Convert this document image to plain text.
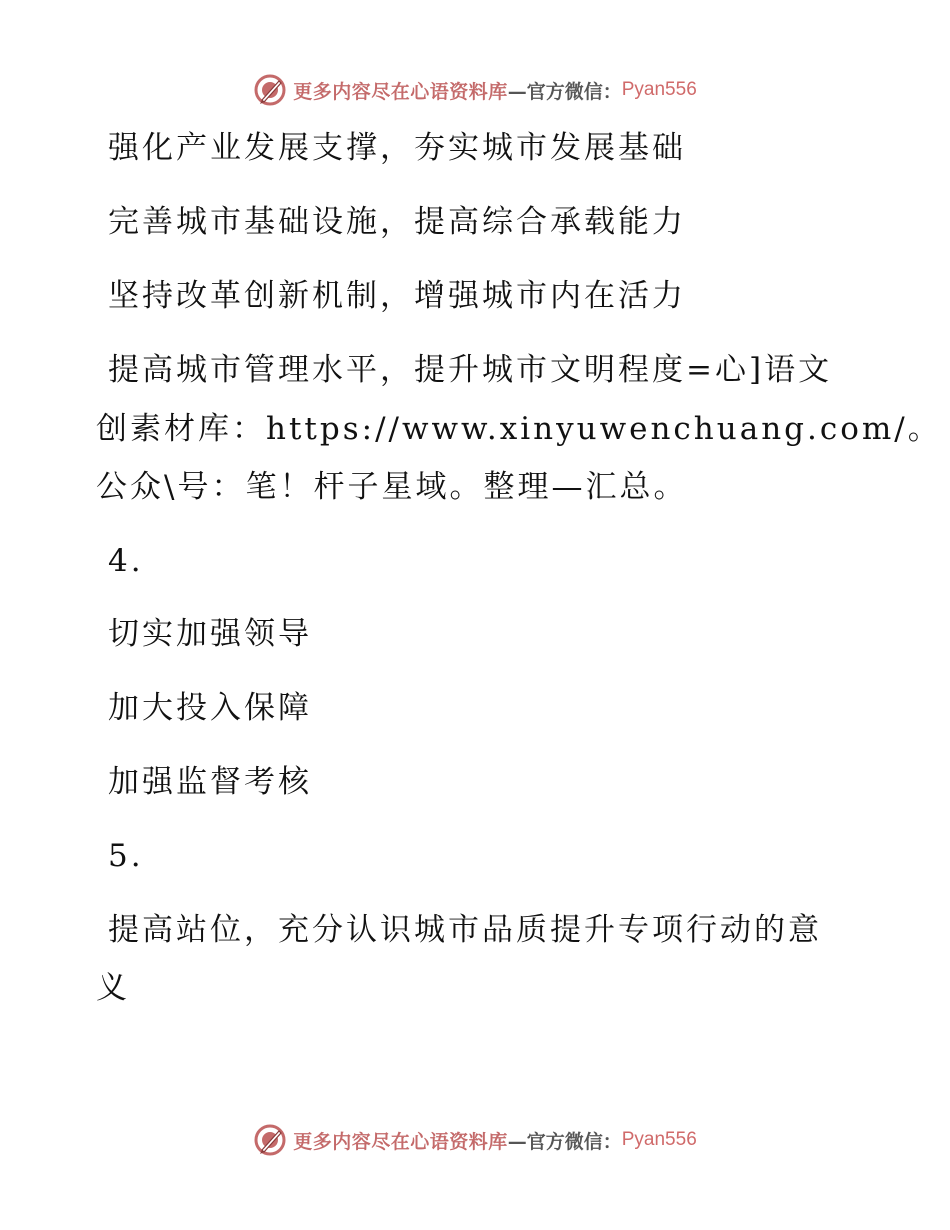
更多内容尽在心语资料库 —官方微信： Pyan556
强化产业发展支撑，夯实城市发展基础
完善城市基础设施，提高综合承载能力
坚持改革创新机制，增强城市内在活力
提高城市管理水平，提升城市文明程度=心]语文
创素材库：https://www.xinyuwenchuang.com/。
公众\号：笔！杆子星域。整理—汇总。
4.
切实加强领导
加大投入保障
加强监督考核
5.
提高站位，充分认识城市品质提升专项行动的意
义
更多内容尽在心语资料库 —官方微信： Pyan556
